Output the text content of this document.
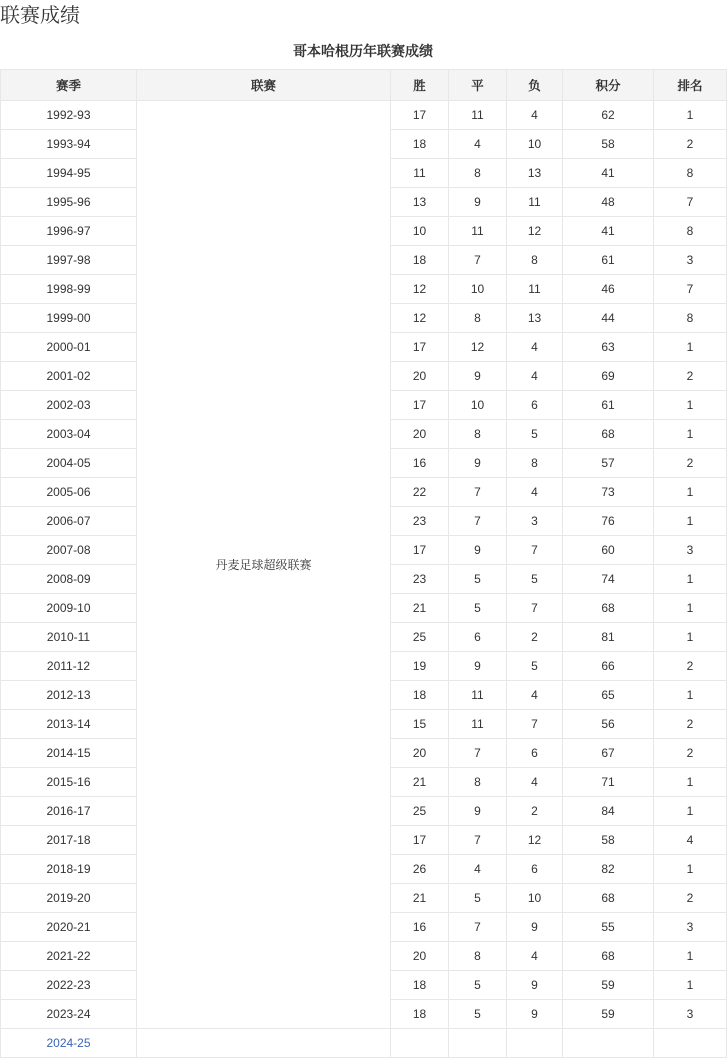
联赛成绩
哥本哈根历年联赛成绩
赛季	联赛	胜	平	负	积分	排名
1992-93	丹麦足球超级联赛	17	11	4	62	1
1993-94		18	4	10	58	2
1994-95		11	8	13	41	8
1995-96		13	9	11	48	7
1996-97		10	11	12	41	8
1997-98		18	7	8	61	3
1998-99		12	10	11	46	7
1999-00		12	8	13	44	8
2000-01		17	12	4	63	1
2001-02		20	9	4	69	2
2002-03		17	10	6	61	1
2003-04		20	8	5	68	1
2004-05		16	9	8	57	2
2005-06		22	7	4	73	1
2006-07		23	7	3	76	1
2007-08		17	9	7	60	3
2008-09		23	5	5	74	1
2009-10		21	5	7	68	1
2010-11		25	6	2	81	1
2011-12		19	9	5	66	2
2012-13		18	11	4	65	1
2013-14		15	11	7	56	2
2014-15		20	7	6	67	2
2015-16		21	8	4	71	1
2016-17		25	9	2	84	1
2017-18		17	7	12	58	4
2018-19		26	4	6	82	1
2019-20		21	5	10	68	2
2020-21		16	7	9	55	3
2021-22		20	8	4	68	1
2022-23		18	5	9	59	1
2023-24		18	5	9	59	3
2024-25						
